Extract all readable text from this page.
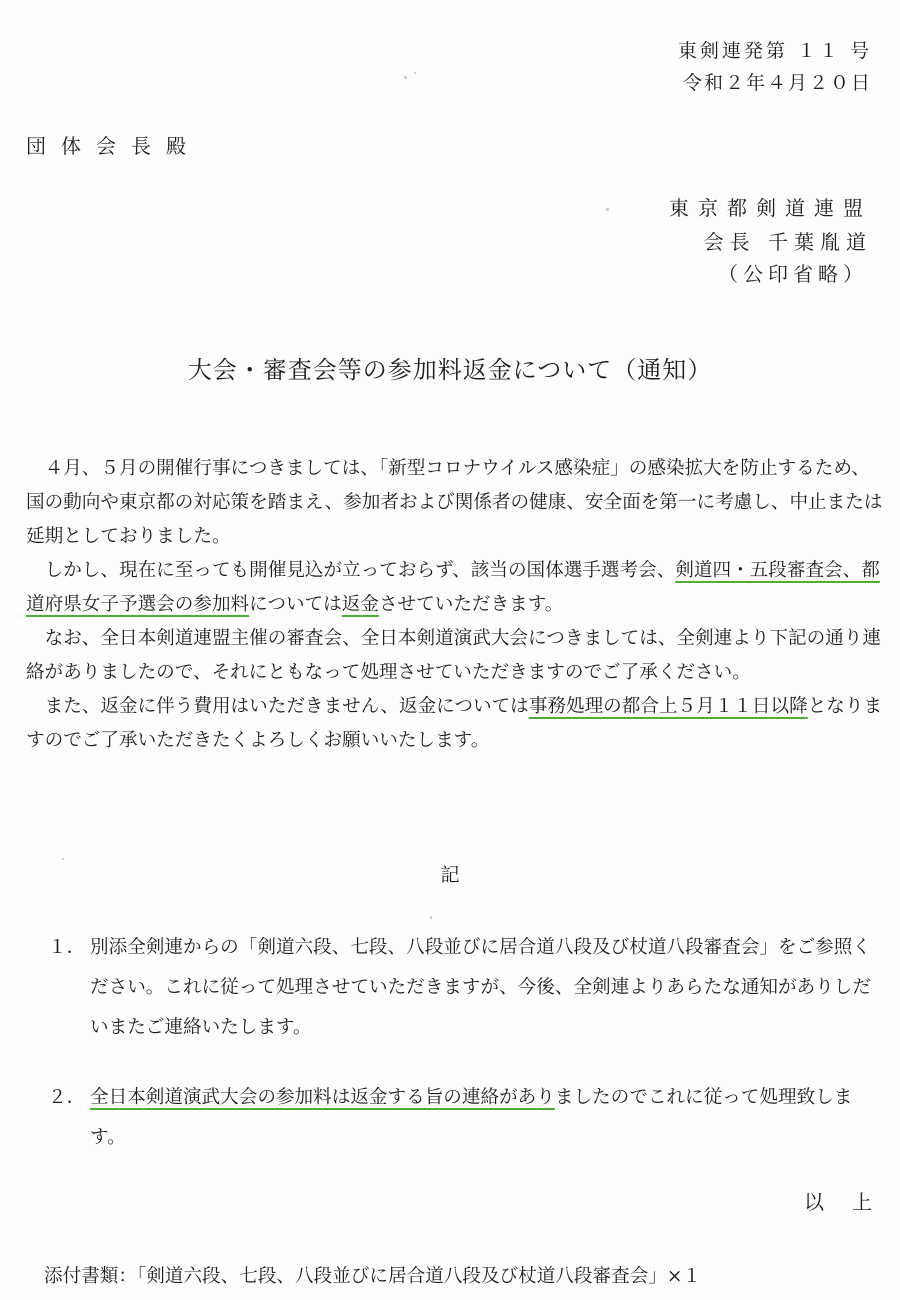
東剣連発第 １１ 号
令和２年４月２０日
団体会長殿
東京都剣道連盟
会長 千葉胤道
（公印省略）
大会・審査会等の参加料返金について（通知）

４月、５月の開催行事につきましては、「新型コロナウイルス感染症」の感染拡大を防止するため、国の動向や東京都の対応策を踏まえ、参加者および関係者の健康、安全面を第一に考慮し、中止または延期としておりました。

しかし、現在に至っても開催見込が立っておらず、該当の国体選手選考会、剣道四・五段審査会、都道府県女子予選会の参加料については返金させていただきます。

なお、全日本剣道連盟主催の審査会、全日本剣道演武大会につきましては、全剣連より下記の通り連絡がありましたので、それにともなって処理させていただきますのでご了承ください。

また、返金に伴う費用はいただきません、返金については事務処理の都合上５月１１日以降となりますのでご了承いただきたくよろしくお願いいたします。

記
１． 別添全剣連からの「剣道六段、七段、八段並びに居合道八段及び杖道八段審査会」をご参照ください。これに従って処理させていただきますが、今後、全剣連よりあらたな通知がありしだいまたご連絡いたします。
２． 全日本剣道演武大会の参加料は返金する旨の連絡がありましたのでこれに従って処理致します。
以上
添付書類：「剣道六段、七段、八段並びに居合道八段及び杖道八段審査会」×１
